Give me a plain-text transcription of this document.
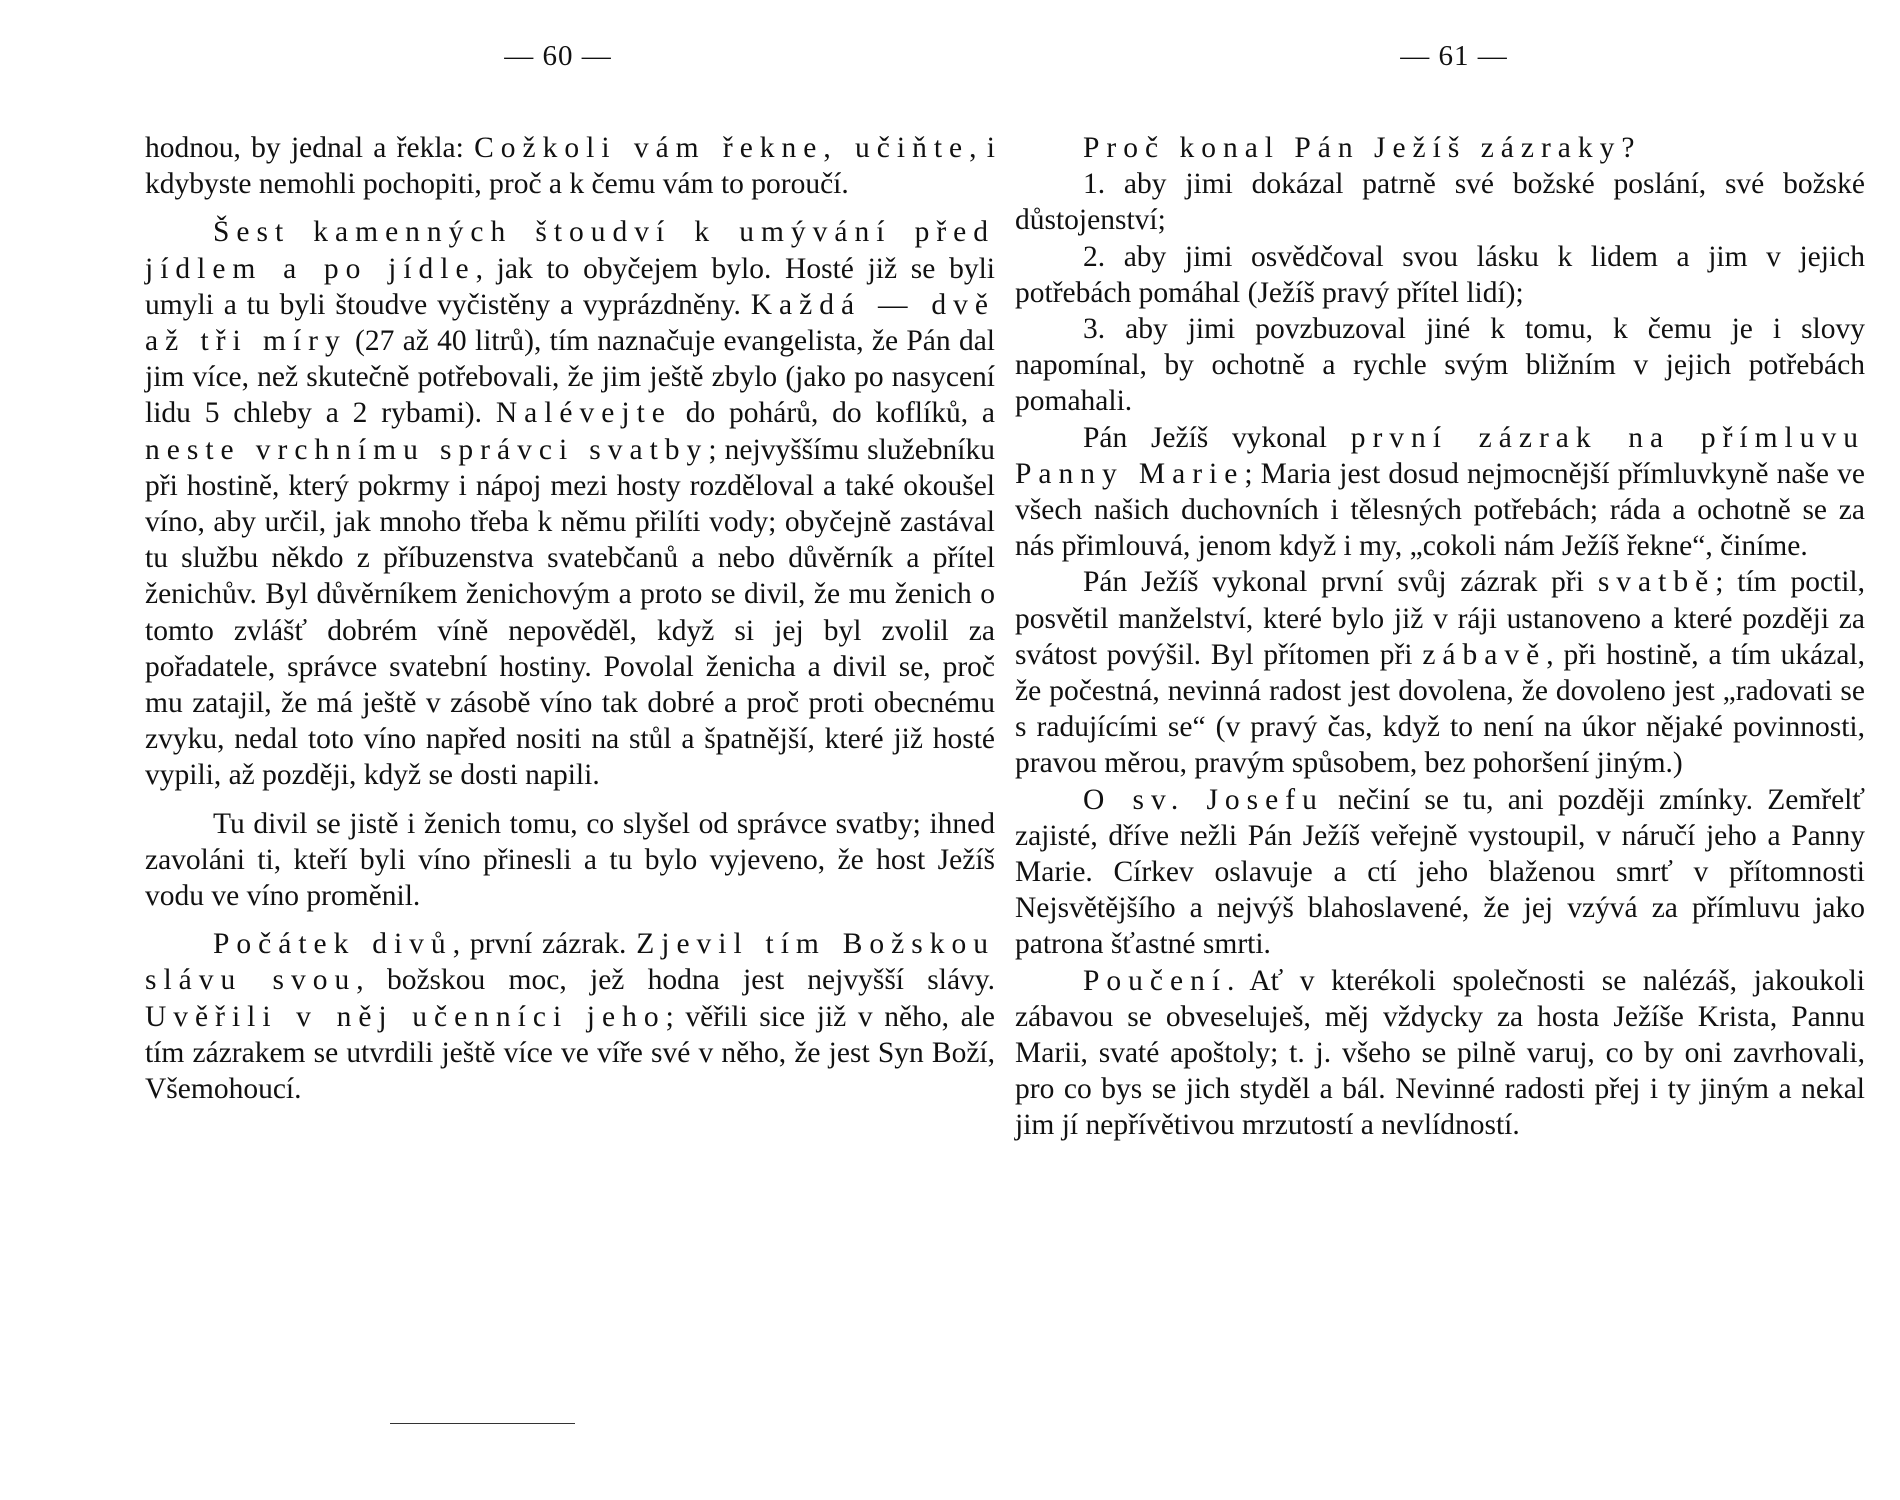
— 60 —

hodnou, by jednal a řekla: Cožkoli vám řekne, učiňte, i kdybyste nemohli pochopiti, proč a k čemu vám to poroučí.

Šest kamenných štoudví k umývání před jídlem a po jídle, jak to obyčejem bylo. Hosté již se byli umyli a tu byli štoudve vyčistěny a vyprázdněny. Každá — dvě až tři míry (27 až 40 litrů), tím naznačuje evangelista, že Pán dal jim více, než skutečně potřebovali, že jim ještě zbylo (jako po nasycení lidu 5 chleby a 2 rybami). Nalévejte do pohárů, do koflíků, a neste vrchnímu správci svatby; nejvyššímu služebníku při hostině, který pokrmy i nápoj mezi hosty rozděloval a také okoušel víno, aby určil, jak mnoho třeba k němu přilíti vody; obyčejně zastával tu službu někdo z příbuzenstva svatebčanů a nebo důvěrník a přítel ženichův. Byl důvěrníkem ženichovým a proto se divil, že mu ženich o tomto zvlášť dobrém víně nepověděl, když si jej byl zvolil za pořadatele, správce svatební hostiny. Povolal ženicha a divil se, proč mu zatajil, že má ještě v zásobě víno tak dobré a proč proti obecnému zvyku, nedal toto víno napřed nositi na stůl a špatnější, které již hosté vypili, až později, když se dosti napili.

Tu divil se jistě i ženich tomu, co slyšel od správce svatby; ihned zavoláni ti, kteří byli víno přinesli a tu bylo vyjeveno, že host Ježíš vodu ve víno proměnil.

Počátek divů, první zázrak. Zjevil tím Božskou slávu svou, božskou moc, jež hodna jest nejvyšší slávy. Uvěřili v něj učenníci jeho; věřili sice již v něho, ale tím zázrakem se utvrdili ještě více ve víře své v něho, že jest Syn Boží, Všemohoucí.

— 61 —

Proč konal Pán Ježíš zázraky?

1. aby jimi dokázal patrně své božské poslání, své božské důstojenství;

2. aby jimi osvědčoval svou lásku k lidem a jim v jejich potřebách pomáhal (Ježíš pravý přítel lidí);

3. aby jimi povzbuzoval jiné k tomu, k čemu je i slovy napomínal, by ochotně a rychle svým bližním v jejich potřebách pomahali.

Pán Ježíš vykonal první zázrak na přímluvu Panny Marie; Maria jest dosud nejmocnější přímluvkyně naše ve všech našich duchovních i tělesných potřebách; ráda a ochotně se za nás přimlouvá, jenom když i my, „cokoli nám Ježíš řekne“, činíme.

Pán Ježíš vykonal první svůj zázrak při svatbě; tím poctil, posvětil manželství, které bylo již v ráji ustanoveno a které později za svátost povýšil. Byl přítomen při zábavě, při hostině, a tím ukázal, že počestná, nevinná radost jest dovolena, že dovoleno jest „radovati se s radujícími se“ (v pravý čas, když to není na úkor nějaké povinnosti, pravou měrou, pravým spůsobem, bez pohoršení jiným.)

O sv. Josefu nečiní se tu, ani později zmínky. Zemřelť zajisté, dříve nežli Pán Ježíš veřejně vystoupil, v náručí jeho a Panny Marie. Církev oslavuje a ctí jeho blaženou smrť v přítomnosti Nejsvětějšího a nejvýš blahoslavené, že jej vzývá za přímluvu jako patrona šťastné smrti.

Poučení. Ať v kterékoli společnosti se nalézáš, jakoukoli zábavou se obveseluješ, měj vždycky za hosta Ježíše Krista, Pannu Marii, svaté apoštoly; t. j. všeho se pilně varuj, co by oni zavrhovali, pro co bys se jich styděl a bál. Nevinné radosti přej i ty jiným a nekal jim jí nepřívětivou mrzutostí a nevlídností.
